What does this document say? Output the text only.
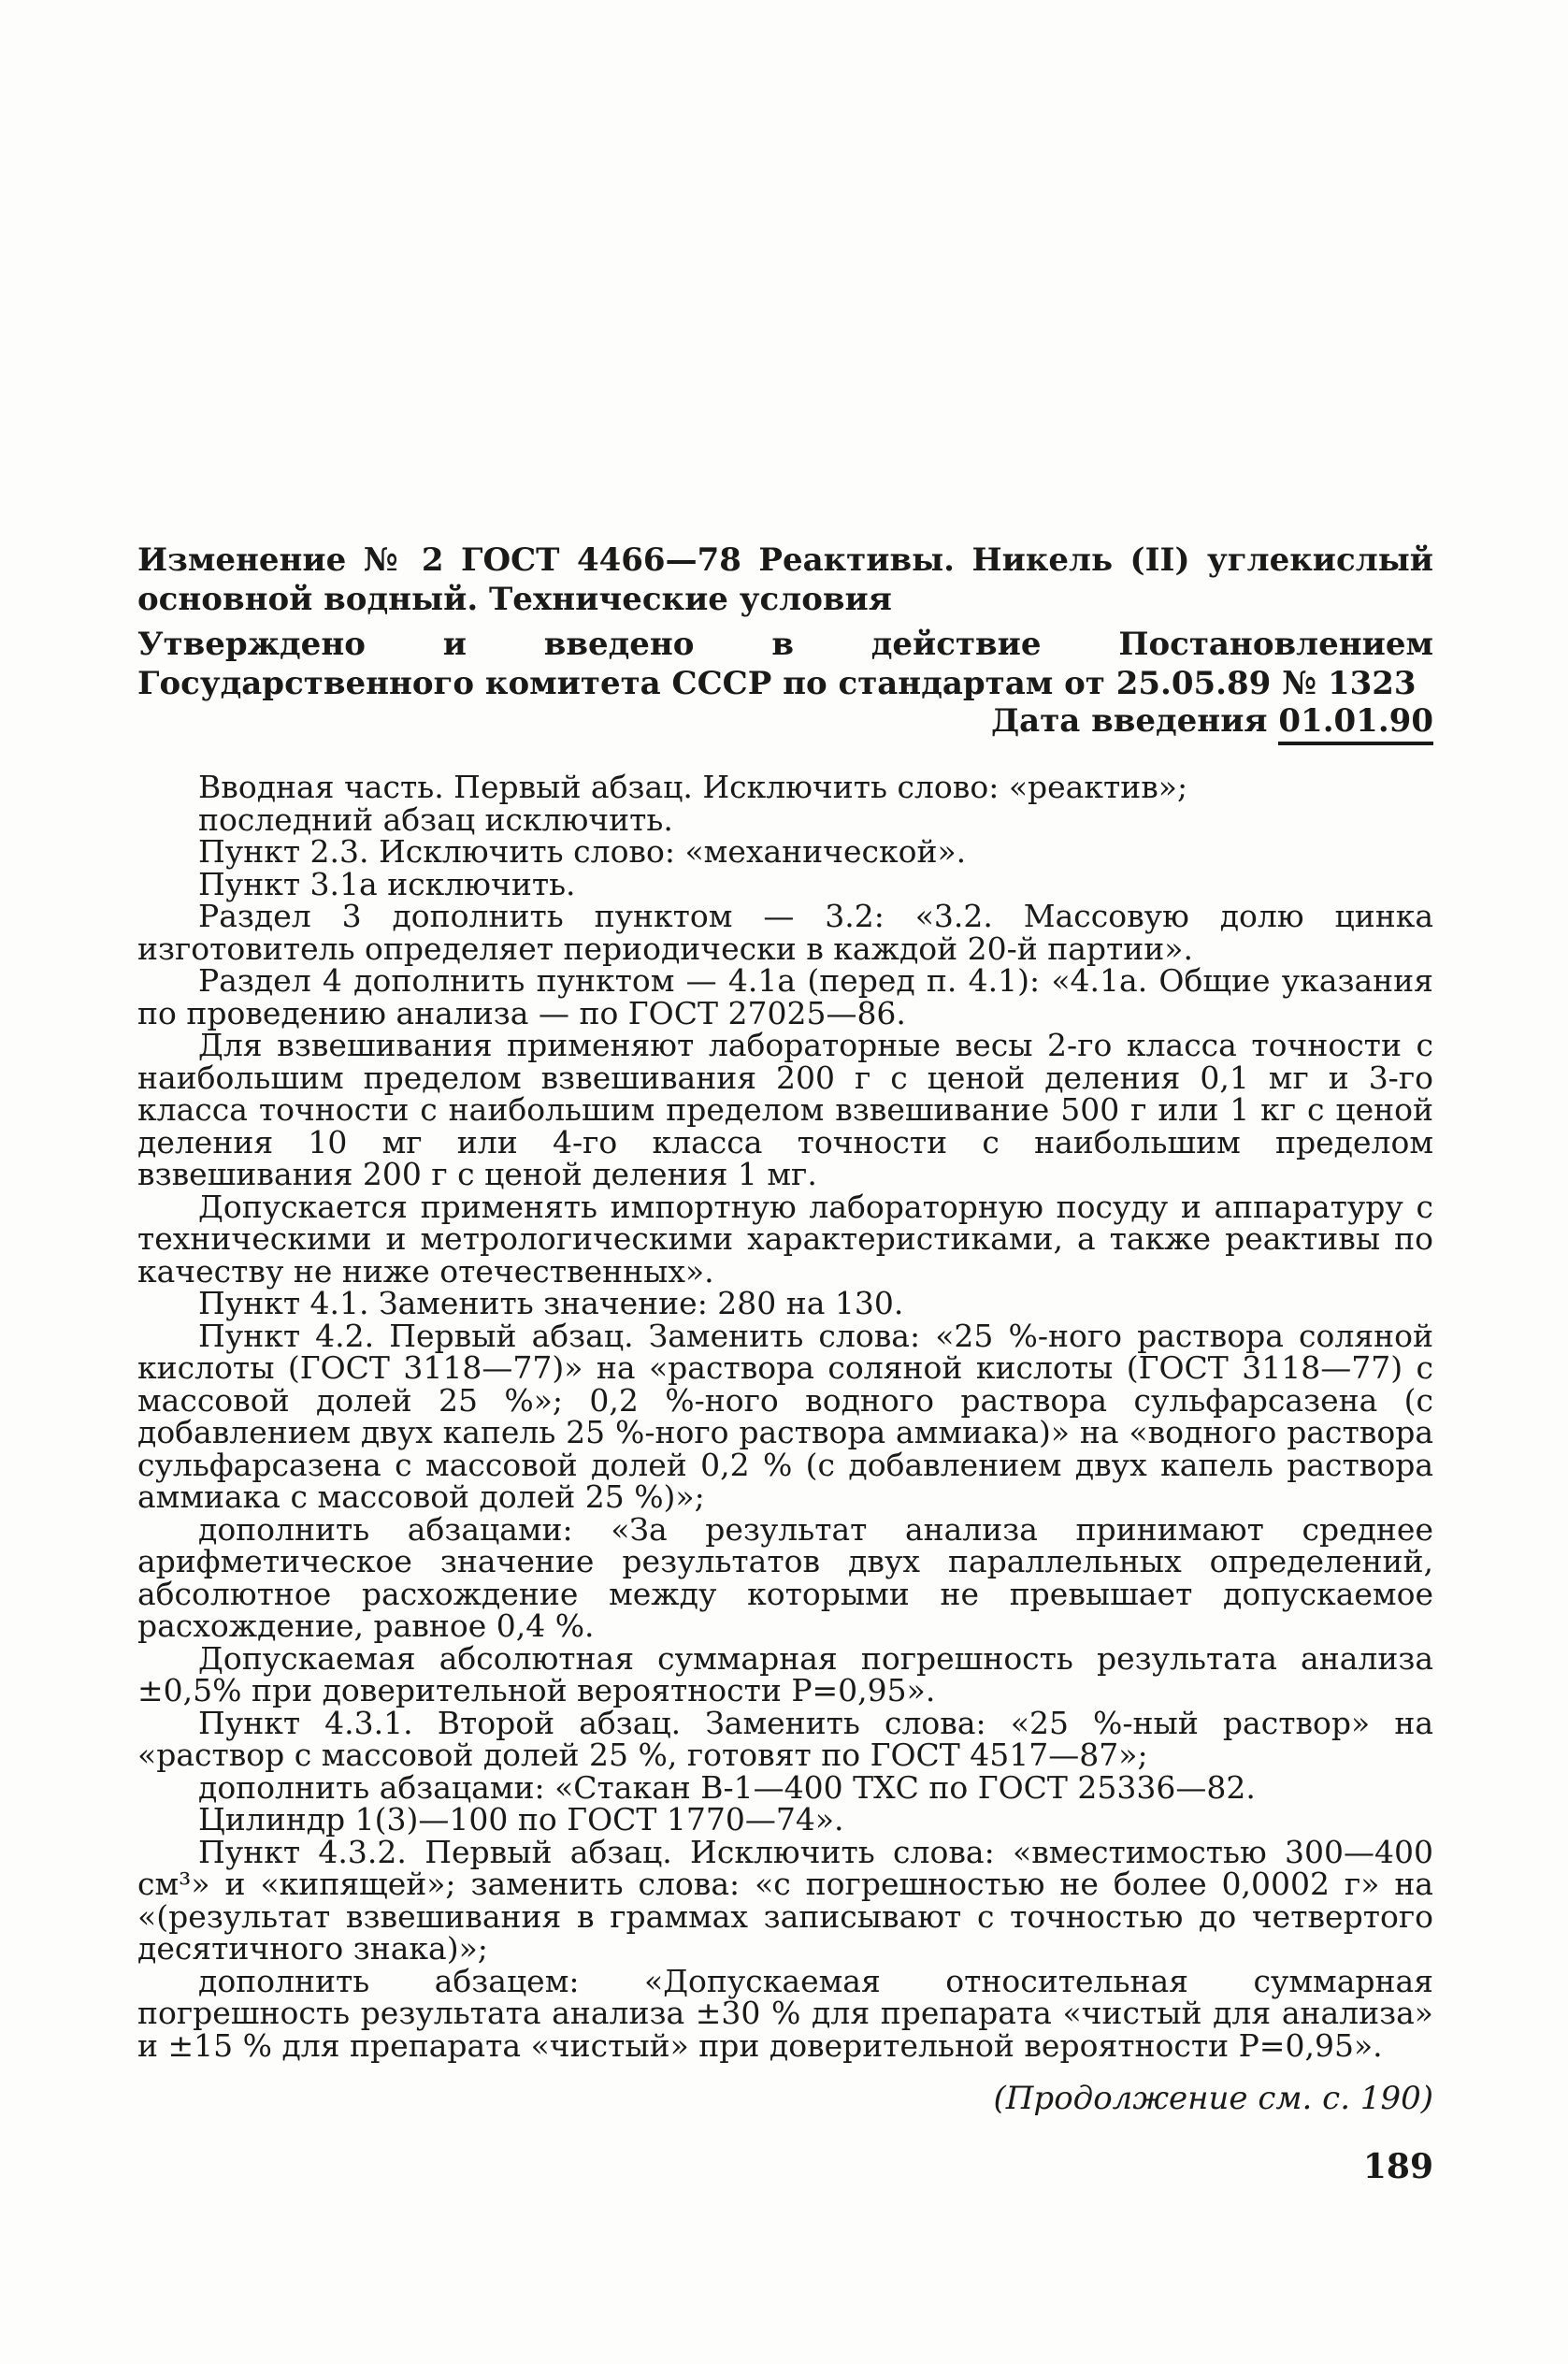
Изменение № 2 ГОСТ 4466—78 Реактивы. Никель (II) углекислый основной водный. Технические условия
Утверждено и введено в действие Постановлением Государственного комитета СССР по стандартам от 25.05.89 № 1323
Дата введения 01.01.90

Вводная часть. Первый абзац. Исключить слово: «реактив»;

последний абзац исключить.

Пункт 2.3. Исключить слово: «механической».

Пункт 3.1а исключить.

Раздел 3 дополнить пунктом — 3.2: «3.2. Массовую долю цинка изготовитель определяет периодически в каждой 20-й партии».

Раздел 4 дополнить пунктом — 4.1а (перед п. 4.1): «4.1а. Общие указания по проведению анализа — по ГОСТ 27025—86.

Для взвешивания применяют лабораторные весы 2-го класса точности с наибольшим пределом взвешивания 200 г с ценой деления 0,1 мг и 3-го класса точности с наибольшим пределом взвешивание 500 г или 1 кг с ценой деления 10 мг или 4-го класса точности с наибольшим пределом взвешивания 200 г с ценой деления 1 мг.

Допускается применять импортную лабораторную посуду и аппаратуру с техническими и метрологическими характеристиками, а также реактивы по качеству не ниже отечественных».

Пункт 4.1. Заменить значение: 280 на 130.

Пункт 4.2. Первый абзац. Заменить слова: «25 %-ного раствора соляной кислоты (ГОСТ 3118—77)» на «раствора соляной кислоты (ГОСТ 3118—77) с массовой долей 25 %»; 0,2 %-ного водного раствора сульфарсазена (с добавлением двух капель 25 %-ного раствора аммиака)» на «водного раствора сульфарсазена с массовой долей 0,2 % (с добавлением двух капель раствора аммиака с массовой долей 25 %)»;

дополнить абзацами: «За результат анализа принимают среднее арифметическое значение результатов двух параллельных определений, абсолютное расхождение между которыми не превышает допускаемое расхождение, равное 0,4 %.

Допускаемая абсолютная суммарная погрешность результата анализа ±0,5% при доверительной вероятности P=0,95».

Пункт 4.3.1. Второй абзац. Заменить слова: «25 %-ный раствор» на «раствор с массовой долей 25 %, готовят по ГОСТ 4517—87»;

дополнить абзацами: «Стакан В-1—400 ТХС по ГОСТ 25336—82.

Цилиндр 1(3)—100 по ГОСТ 1770—74».

Пункт 4.3.2. Первый абзац. Исключить слова: «вместимостью 300—400 см³» и «кипящей»; заменить слова: «с погрешностью не более 0,0002 г» на «(результат взвешивания в граммах записывают с точностью до четвертого десятичного знака)»;

дополнить абзацем: «Допускаемая относительная суммарная погрешность результата анализа ±30 % для препарата «чистый для анализа» и ±15 % для препарата «чистый» при доверительной вероятности P=0,95».

(Продолжение см. с. 190)
189
